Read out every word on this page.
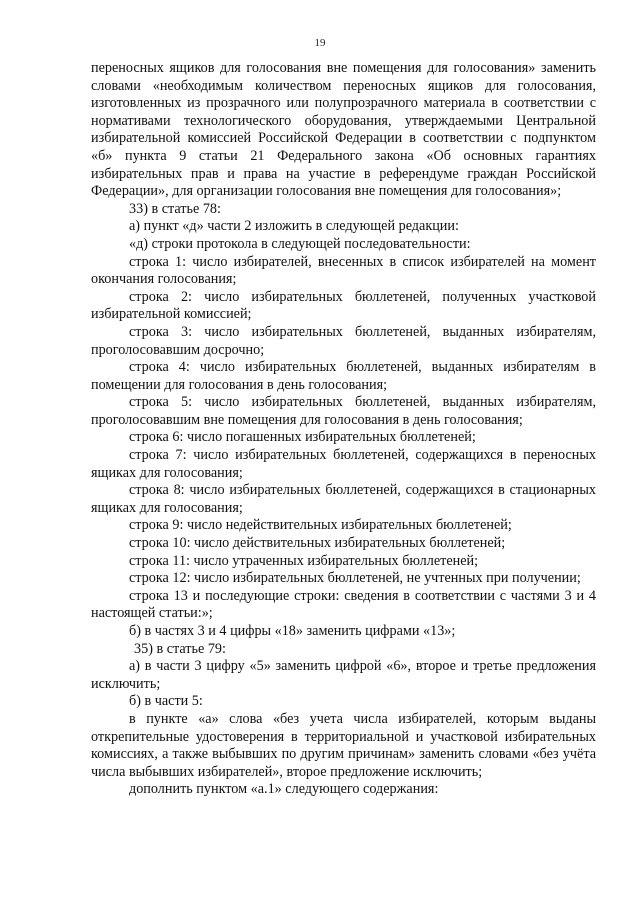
19

переносных ящиков для голосования вне помещения для голосования» заменить словами «необходимым количеством переносных ящиков для голосования, изготовленных из прозрачного или полупрозрачного материала в соответствии с нормативами технологического оборудования, утверждаемыми Центральной избирательной комиссией Российской Федерации в соответствии с подпунктом «б» пункта 9 статьи 21 Федерального закона «Об основных гарантиях избирательных прав и права на участие в референдуме граждан Российской Федерации», для организации голосования вне помещения для голосования»;

33) в статье 78:

а) пункт «д» части 2 изложить в следующей редакции:

«д) строки протокола в следующей последовательности:

строка 1: число избирателей, внесенных в список избирателей на момент окончания голосования;

строка 2: число избирательных бюллетеней, полученных участковой избирательной комиссией;

строка 3: число избирательных бюллетеней, выданных избирателям, проголосовавшим досрочно;

строка 4: число избирательных бюллетеней, выданных избирателям в помещении для голосования в день голосования;

строка 5: число избирательных бюллетеней, выданных избирателям, проголосовавшим вне помещения для голосования в день голосования;

строка 6: число погашенных избирательных бюллетеней;

строка 7: число избирательных бюллетеней, содержащихся в переносных ящиках для голосования;

строка 8: число избирательных бюллетеней, содержащихся в стационарных ящиках для голосования;

строка 9: число недействительных избирательных бюллетеней;

строка 10: число действительных избирательных бюллетеней;

строка 11: число утраченных избирательных бюллетеней;

строка 12: число избирательных бюллетеней, не учтенных при получении;

строка 13 и последующие строки: сведения в соответствии с частями 3 и 4 настоящей статьи:»;

б) в частях 3 и 4 цифры «18» заменить цифрами «13»;

35) в статье 79:

а) в части 3 цифру «5» заменить цифрой «6», второе и третье предложения исключить;

б) в части 5:

в пункте «а» слова «без учета числа избирателей, которым выданы открепительные удостоверения в территориальной и участковой избирательных комиссиях, а также выбывших по другим причинам» заменить словами «без учёта числа выбывших избирателей», второе предложение исключить;

дополнить пунктом «а.1» следующего содержания:
